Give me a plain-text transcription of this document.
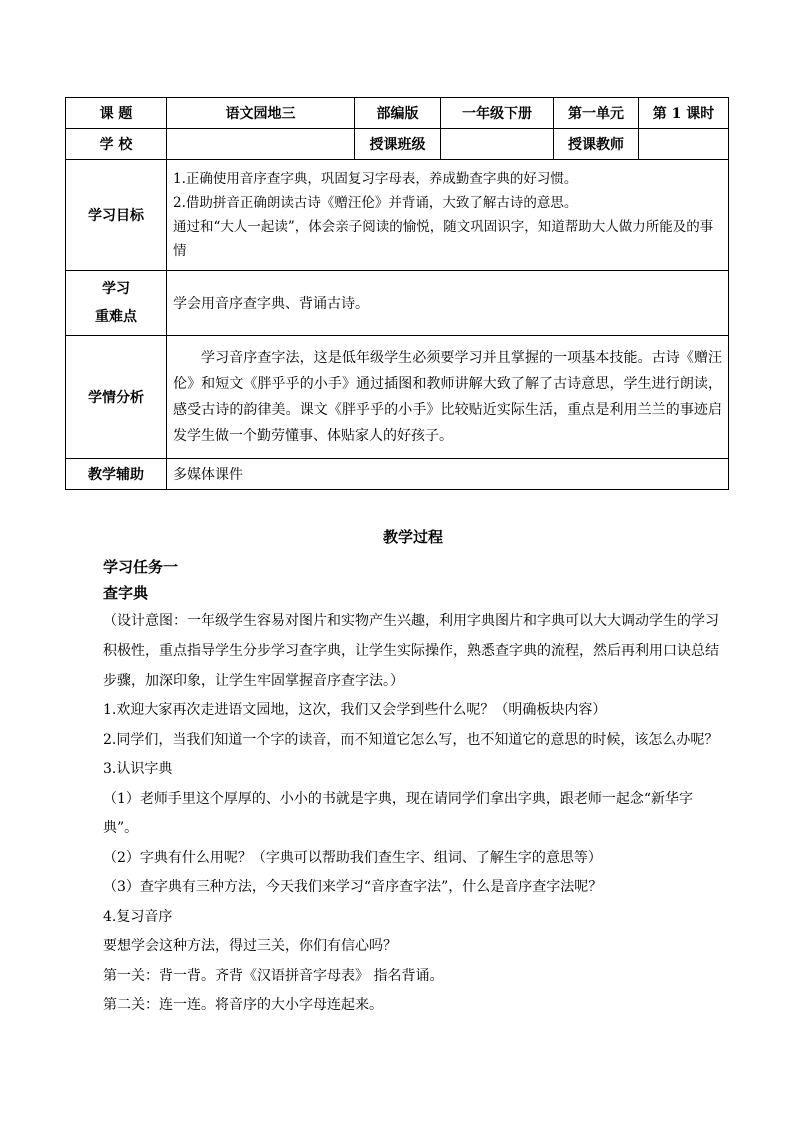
课 题	语文园地三	部编版	一年级下册	第一单元	第 1 课时
学 校		授课班级		授课教师	
学习目标	1.正确使用音序查字典，巩固复习字母表，养成勤查字典的好习惯。

2.借助拼音正确朗读古诗《赠汪伦》并背诵，大致了解古诗的意思。

通过和“大人一起读”，体会亲子阅读的愉悦，随文巩固识字，知道帮助大人做力所能及的事情				

学习
重难点	学会用音序查字典、背诵古诗。				
学情分析	学习音序查字法，这是低年级学生必须要学习并且掌握的一项基本技能。古诗《赠汪伦》和短文《胖乎乎的小手》通过插图和教师讲解大致了解了古诗意思，学生进行朗读，感受古诗的韵律美。课文《胖乎乎的小手》比较贴近实际生活，重点是利用兰兰的事迹启发学生做一个勤劳懂事、体贴家人的好孩子。				

教学辅助	多媒体课件				

教学过程

学习任务一

查字典

（设计意图：一年级学生容易对图片和实物产生兴趣，利用字典图片和字典可以大大调动学生的学习积极性，重点指导学生分步学习查字典，让学生实际操作，熟悉查字典的流程，然后再利用口诀总结步骤，加深印象，让学生牢固掌握音序查字法。）

1.欢迎大家再次走进语文园地，这次，我们又会学到些什么呢？（明确板块内容）

2.同学们，当我们知道一个字的读音，而不知道它怎么写，也不知道它的意思的时候，该怎么办呢？

3.认识字典

（1）老师手里这个厚厚的、小小的书就是字典，现在请同学们拿出字典，跟老师一起念“新华字典”。

（2）字典有什么用呢？（字典可以帮助我们查生字、组词、了解生字的意思等）

（3）查字典有三种方法，今天我们来学习“音序查字法”，什么是音序查字法呢？

4.复习音序

要想学会这种方法，得过三关，你们有信心吗？

第一关：背一背。齐背《汉语拼音字母表》 指名背诵。

第二关：连一连。将音序的大小字母连起来。
